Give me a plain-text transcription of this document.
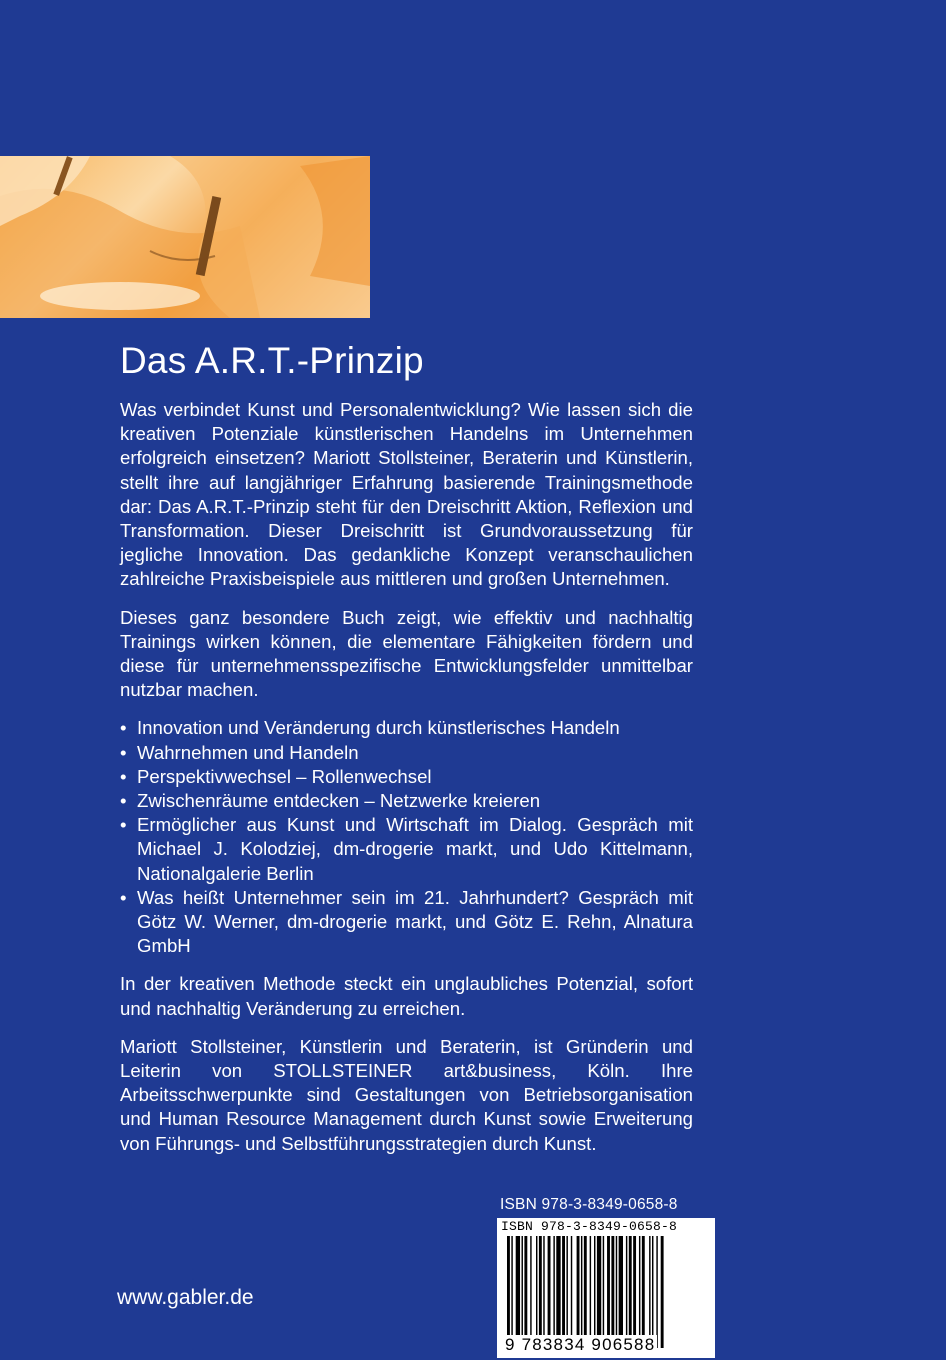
Das A.R.T.-Prinzip

Was verbindet Kunst und Personalentwicklung? Wie lassen sich die kreativen Potenziale künstlerischen Handelns im Unternehmen erfolgreich einsetzen? Mariott Stollsteiner, Beraterin und Künstlerin, stellt ihre auf langjähriger Erfahrung basierende Trainingsmethode dar: Das A.R.T.-Prinzip steht für den Dreischritt Aktion, Reflexion und Transformation. Dieser Dreischritt ist Grundvoraussetzung für jegliche Innovation. Das gedankliche Konzept veranschaulichen zahlreiche Praxisbeispiele aus mittleren und großen Unternehmen.

Dieses ganz besondere Buch zeigt, wie effektiv und nachhaltig Trainings wirken können, die elementare Fähigkeiten fördern und diese für unternehmensspezifische Entwicklungsfelder unmittelbar nutzbar machen.

• Innovation und Veränderung durch künstlerisches Handeln
• Wahrnehmen und Handeln
• Perspektivwechsel – Rollenwechsel
• Zwischenräume entdecken – Netzwerke kreieren
• Ermöglicher aus Kunst und Wirtschaft im Dialog. Gespräch mit Michael J. Kolodziej, dm-drogerie markt, und Udo Kittelmann, Nationalgalerie Berlin
• Was heißt Unternehmer sein im 21. Jahrhundert? Gespräch mit Götz W. Werner, dm-drogerie markt, und Götz E. Rehn, Alnatura GmbH

In der kreativen Methode steckt ein unglaubliches Potenzial, sofort und nachhaltig Veränderung zu erreichen.

Mariott Stollsteiner, Künstlerin und Beraterin, ist Gründerin und Leiterin von STOLLSTEINER art&business, Köln. Ihre Arbeitsschwerpunkte sind Gestaltungen von Betriebsorganisation und Human Resource Management durch Kunst sowie Erweiterung von Führungs- und Selbstführungsstrategien durch Kunst.

www.gabler.de
ISBN 978-3-8349-0658-8
ISBN 978-3-8349-0658-8
9 783834 906588
